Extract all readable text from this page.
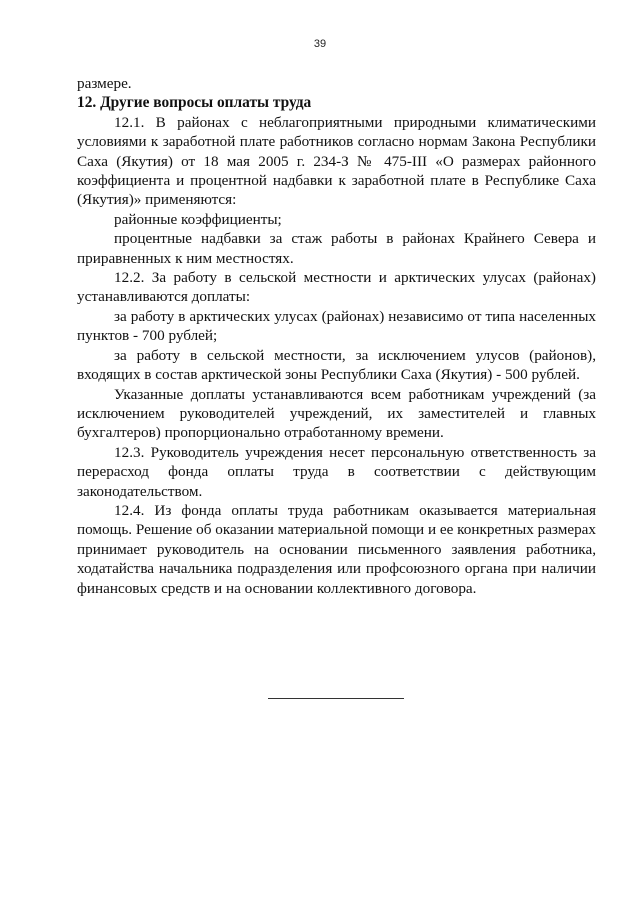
39

размере.

12. Другие вопросы оплаты труда

12.1. В районах с неблагоприятными природными климатическими условиями к заработной плате работников согласно нормам Закона Республики Саха (Якутия) от 18 мая 2005 г. 234-З № 475-III «О размерах районного коэффициента и процентной надбавки к заработной плате в Республике Саха (Якутия)» применяются:

районные коэффициенты;

процентные надбавки за стаж работы в районах Крайнего Севера и приравненных к ним местностях.

12.2. За работу в сельской местности и арктических улусах (районах) устанавливаются доплаты:

за работу в арктических улусах (районах) независимо от типа населенных пунктов - 700 рублей;

за работу в сельской местности, за исключением улусов (районов), входящих в состав арктической зоны Республики Саха (Якутия) - 500 рублей.

Указанные доплаты устанавливаются всем работникам учреждений (за исключением руководителей учреждений, их заместителей и главных бухгалтеров) пропорционально отработанному времени.

12.3. Руководитель учреждения несет персональную ответственность за перерасход фонда оплаты труда в соответствии с действующим законодательством.

12.4. Из фонда оплаты труда работникам оказывается материальная помощь. Решение об оказании материальной помощи и ее конкретных размерах принимает руководитель на основании письменного заявления работника, ходатайства начальника подразделения или профсоюзного органа при наличии финансовых средств и на основании коллективного договора.
